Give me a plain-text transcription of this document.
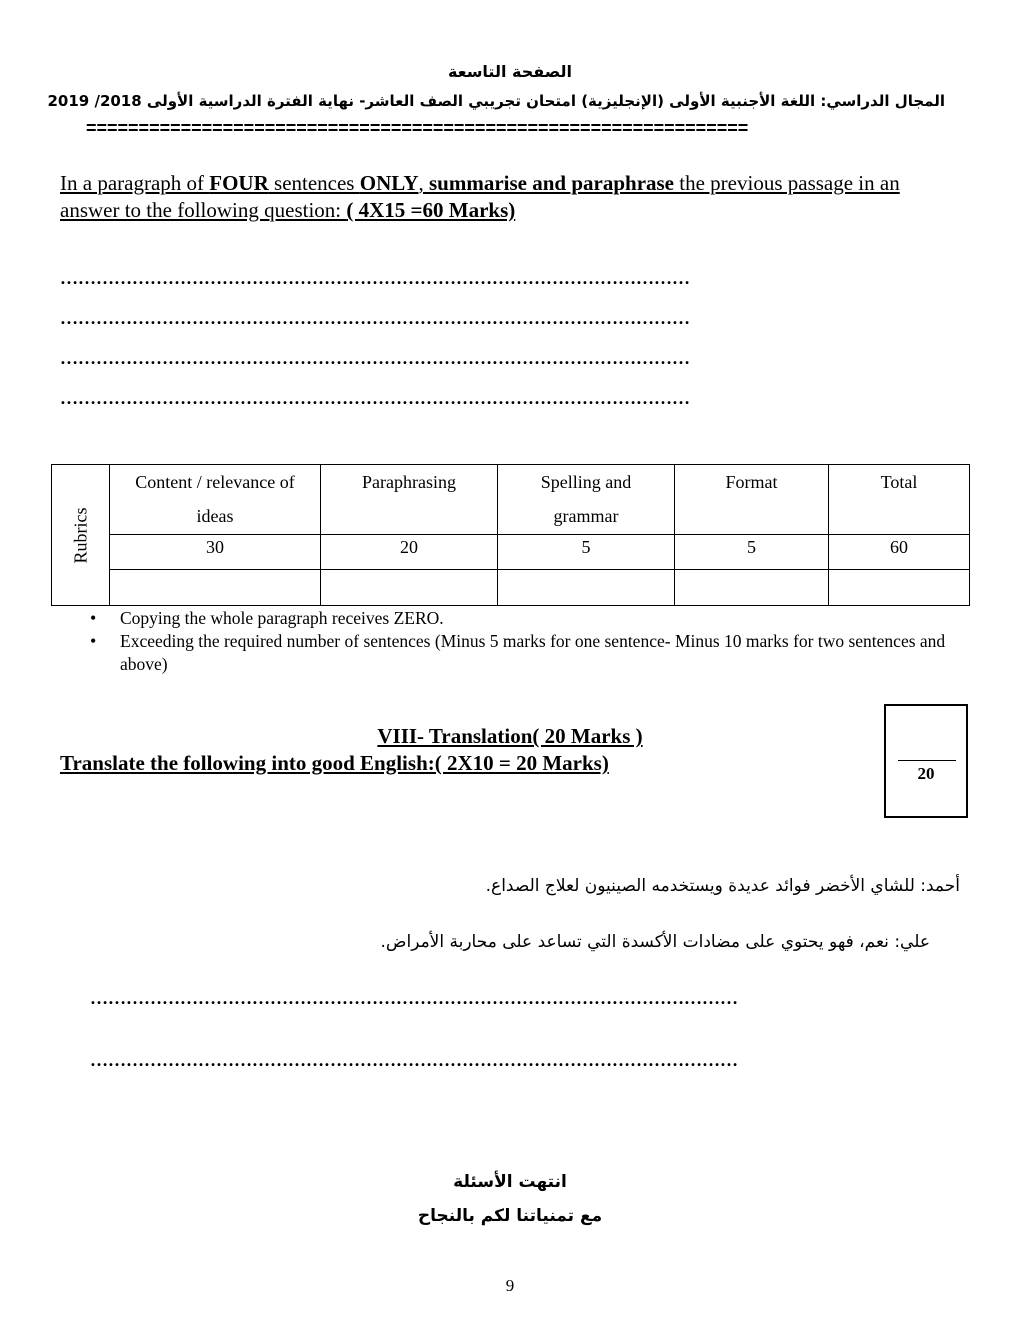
الصفحة التاسعة
المجال الدراسي: اللغة الأجنبية الأولى (الإنجليزية) امتحان تجريبي الصف العاشر- نهاية الفترة الدراسية الأولى 2018/ 2019
===============================================================
In a paragraph of FOUR sentences ONLY, summarise and paraphrase the previous passage in an answer to the following question: ( 4X15 =60 Marks)
……………………………………………………………………………………………
……………………………………………………………………………………………
……………………………………………………………………………………………
……………………………………………………………………………………………
Rubrics	Content / relevance of ideas	Paraphrasing	Spelling and grammar	Format	Total
	30	20	5	5	60

• Copying the whole paragraph receives ZERO.
• Exceeding the required number of sentences (Minus 5 marks for one sentence- Minus 10 marks for two sentences and above)
VIII- Translation( 20 Marks )
Translate the following into good English:( 2X10 = 20 Marks)	20
أحمد: للشاي الأخضر فوائد عديدة ويستخدمه الصينيون لعلاج الصداع.
علي: نعم، فهو يحتوي على مضادات الأكسدة التي تساعد على محاربة الأمراض.
………………………………………………………………………………………………
………………………………………………………………………………………………
انتهت الأسئلة
مع تمنياتنا لكم بالنجاح
9
